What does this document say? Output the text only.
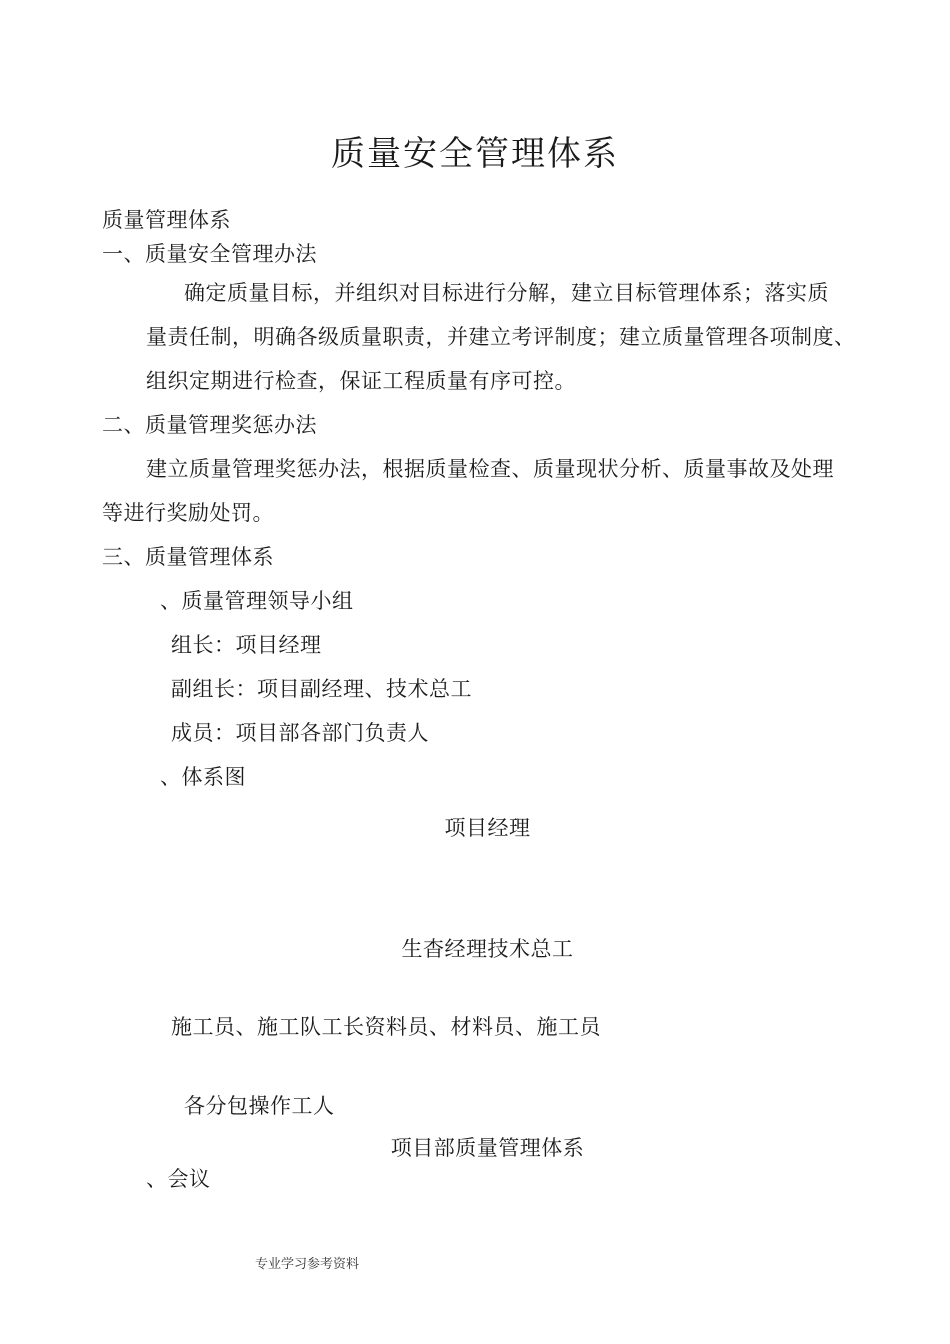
质量安全管理体系
质量管理体系
一、质量安全管理办法
确定质量目标，并组织对目标进行分解，建立目标管理体系；落实质
量责任制，明确各级质量职责，并建立考评制度；建立质量管理各项制度、
组织定期进行检查，保证工程质量有序可控。
二、质量管理奖惩办法
建立质量管理奖惩办法，根据质量检查、质量现状分析、质量事故及处理
等进行奖励处罚。
三、质量管理体系
、质量管理领导小组
组长：项目经理
副组长：项目副经理、技术总工
成员：项目部各部门负责人
、体系图
项目经理
生杳经理技术总工
施工员、施工队工长资料员、材料员、施工员
各分包操作工人
项目部质量管理体系
、会议
专业学习参考资料
